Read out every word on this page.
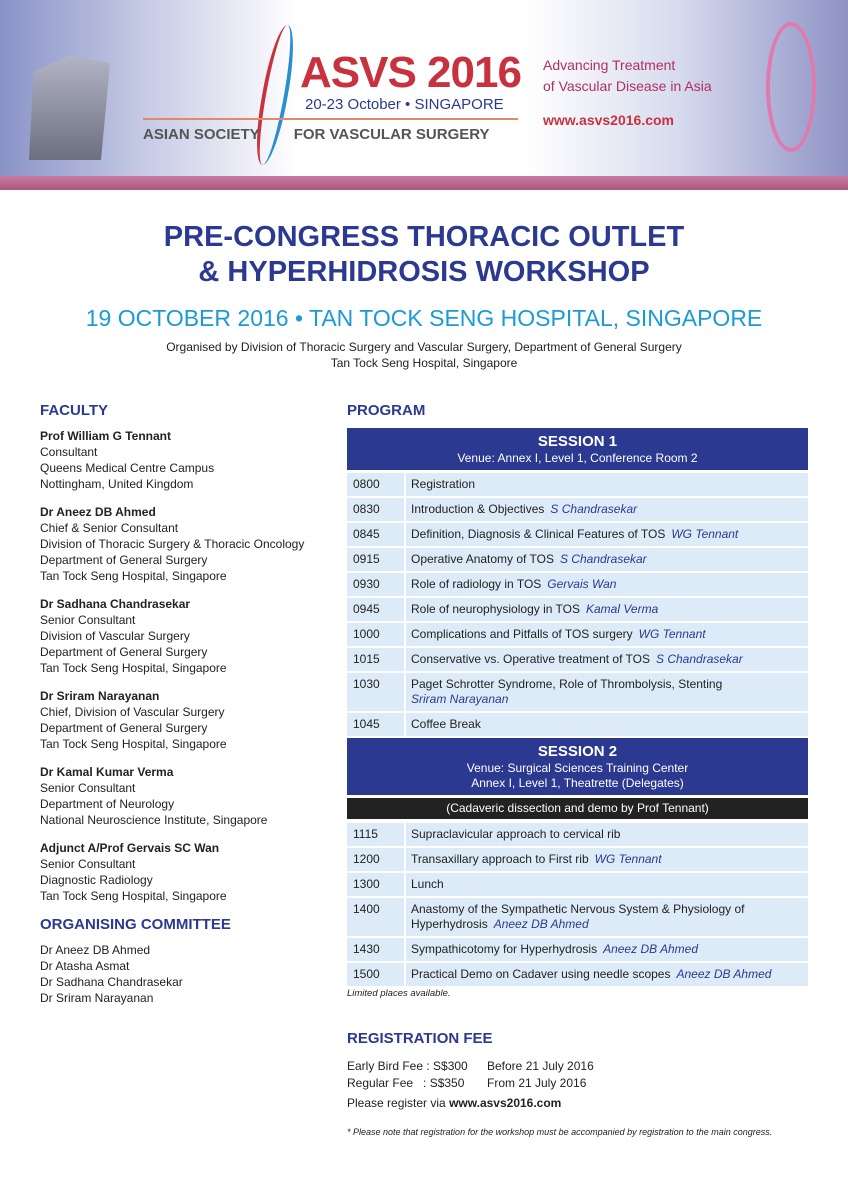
ASVS 2016
20-23 October • SINGAPORE
ASIAN SOCIETY FOR VASCULAR SURGERY
Advancing Treatment
of Vascular Disease in Asia
www.asvs2016.com
PRE-CONGRESS THORACIC OUTLET
& HYPERHIDROSIS WORKSHOP
19 OCTOBER 2016 • TAN TOCK SENG HOSPITAL, SINGAPORE
Organised by Division of Thoracic Surgery and Vascular Surgery, Department of General Surgery
Tan Tock Seng Hospital, Singapore
FACULTY
Prof William G Tennant
Consultant
Queens Medical Centre Campus
Nottingham, United Kingdom
Dr Aneez DB Ahmed
Chief & Senior Consultant
Division of Thoracic Surgery & Thoracic Oncology
Department of General Surgery
Tan Tock Seng Hospital, Singapore
Dr Sadhana Chandrasekar
Senior Consultant
Division of Vascular Surgery
Department of General Surgery
Tan Tock Seng Hospital, Singapore
Dr Sriram Narayanan
Chief, Division of Vascular Surgery
Department of General Surgery
Tan Tock Seng Hospital, Singapore
Dr Kamal Kumar Verma
Senior Consultant
Department of Neurology
National Neuroscience Institute, Singapore
Adjunct A/Prof Gervais SC Wan
Senior Consultant
Diagnostic Radiology
Tan Tock Seng Hospital, Singapore
ORGANISING COMMITTEE
Dr Aneez DB Ahmed
Dr Atasha Asmat
Dr Sadhana Chandrasekar
Dr Sriram Narayanan
PROGRAM
SESSION 1
Venue: Annex I, Level 1, Conference Room 2
0800	Registration
0830	Introduction & Objectives S Chandrasekar
0845	Definition, Diagnosis & Clinical Features of TOS WG Tennant
0915	Operative Anatomy of TOS S Chandrasekar
0930	Role of radiology in TOS Gervais Wan
0945	Role of neurophysiology in TOS Kamal Verma
1000	Complications and Pitfalls of TOS surgery WG Tennant
1015	Conservative vs. Operative treatment of TOS S Chandrasekar
1030	Paget Schrotter Syndrome, Role of Thrombolysis, Stenting
Sriram Narayanan
1045	Coffee Break
SESSION 2
Venue: Surgical Sciences Training Center
Annex I, Level 1, Theatrette (Delegates)
(Cadaveric dissection and demo by Prof Tennant)
1115	Supraclavicular approach to cervical rib
1200	Transaxillary approach to First rib WG Tennant
1300	Lunch
1400	Anastomy of the Sympathetic Nervous System & Physiology of Hyperhydrosis Aneez DB Ahmed
1430	Sympathicotomy for Hyperhydrosis Aneez DB Ahmed
1500	Practical Demo on Cadaver using needle scopes Aneez DB Ahmed
Limited places available.
REGISTRATION FEE
Early Bird Fee : S$300 Before 21 July 2016
Regular Fee   : S$350 From 21 July 2016
Please register via www.asvs2016.com
* Please note that registration for the workshop must be accompanied by registration to the main congress.
